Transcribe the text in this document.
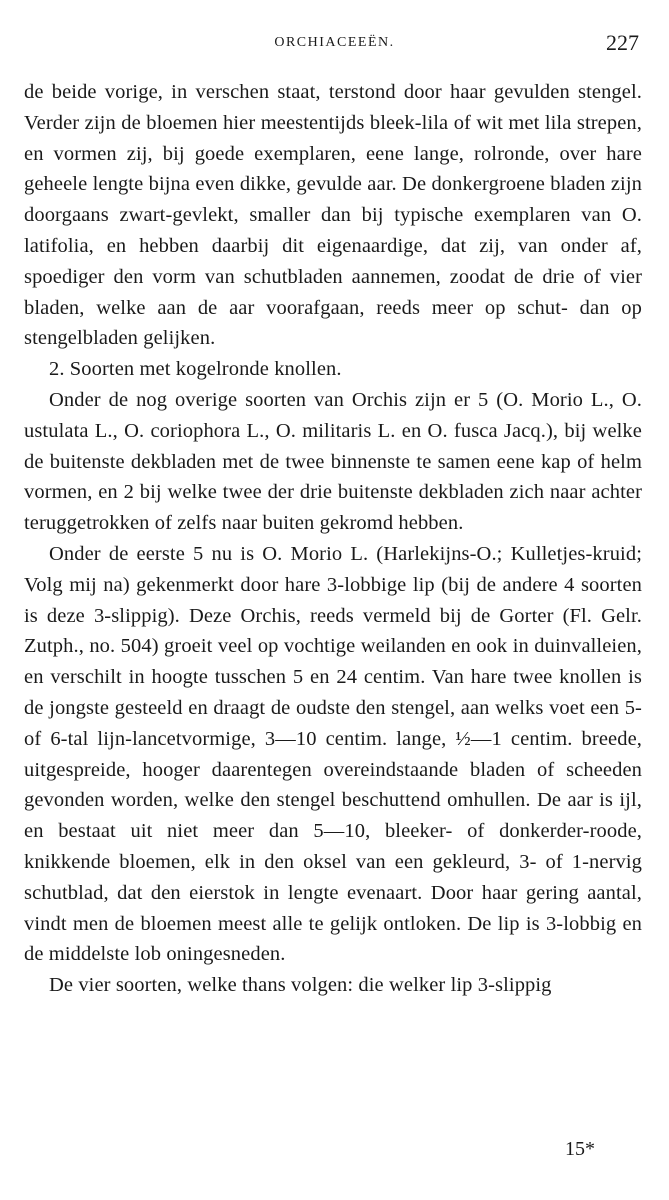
ORCHIACEEËN.	227

de beide vorige, in verschen staat, terstond door haar gevulden stengel. Verder zijn de bloemen hier meestentijds bleek-lila of wit met lila strepen, en vormen zij, bij goede exemplaren, eene lange, rolronde, over hare geheele lengte bijna even dikke, gevulde aar. De donkergroene bladen zijn doorgaans zwart-gevlekt, smaller dan bij typische exemplaren van O. latifolia, en hebben daarbij dit eigenaardige, dat zij, van onder af, spoediger den vorm van schutbladen aannemen, zoodat de drie of vier bladen, welke aan de aar voorafgaan, reeds meer op schut- dan op stengelbladen gelijken.

2. Soorten met kogelronde knollen.

Onder de nog overige soorten van Orchis zijn er 5 (O. Morio L., O. ustulata L., O. coriophora L., O. militaris L. en O. fusca Jacq.), bij welke de buitenste dekbladen met de twee binnenste te samen eene kap of helm vormen, en 2 bij welke twee der drie buitenste dekbladen zich naar achter teruggetrokken of zelfs naar buiten gekromd hebben.

Onder de eerste 5 nu is O. Morio L. (Harlekijns-O.; Kulletjes-kruid; Volg mij na) gekenmerkt door hare 3-lobbige lip (bij de andere 4 soorten is deze 3-slippig). Deze Orchis, reeds vermeld bij de Gorter (Fl. Gelr. Zutph., no. 504) groeit veel op vochtige weilanden en ook in duinvalleien, en verschilt in hoogte tusschen 5 en 24 centim. Van hare twee knollen is de jongste gesteeld en draagt de oudste den stengel, aan welks voet een 5- of 6-tal lijn-lancetvormige, 3—10 centim. lange, ½—1 centim. breede, uitgespreide, hooger daarentegen overeindstaande bladen of scheeden gevonden worden, welke den stengel beschuttend omhullen. De aar is ijl, en bestaat uit niet meer dan 5—10, bleeker- of donkerder-roode, knikkende bloemen, elk in den oksel van een gekleurd, 3- of 1-nervig schutblad, dat den eierstok in lengte evenaart. Door haar gering aantal, vindt men de bloemen meest alle te gelijk ontloken. De lip is 3-lobbig en de middelste lob oningesneden.

De vier soorten, welke thans volgen: die welker lip 3-slippig

15*
